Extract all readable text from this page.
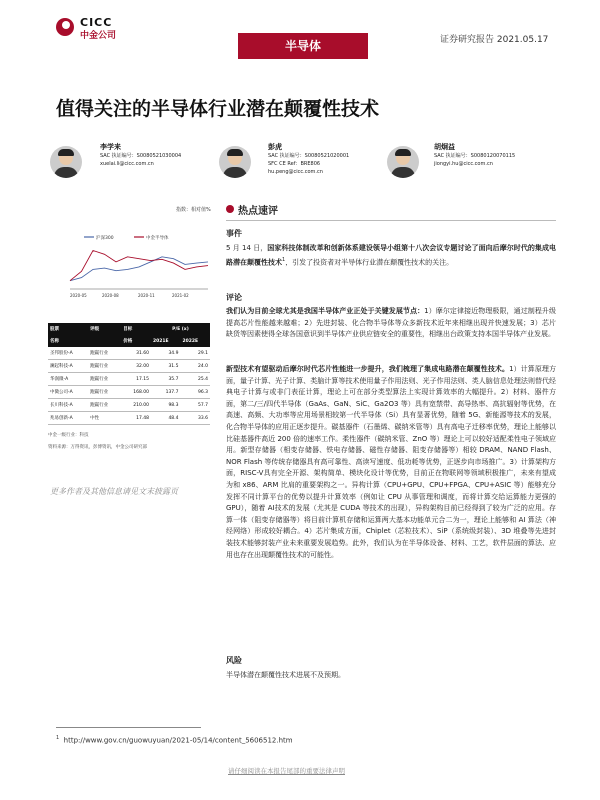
CICC
中金公司
半导体	证券研究报告 2021.05.17
值得关注的半导体行业潜在颠覆性技术
李学来
SAC 执证编号：S0080521030004
xuelai.li@cicc.com.cn
彭虎
SAC 执证编号：S0080521020001
SFC CE Ref：BRE806
hu.peng@cicc.com.cn
胡炯益
SAC 执证编号：S0080120070115
jiongyi.hu@cicc.com.cn
指数：相对值%
沪深300	中金半导体
2020-05	2020-08	2020-11	2021-02
股票	评级	目标	P/E (x)	
名称		价格	2021E	2022E
圣邦股份-A	跑赢行业	31.60	34.9	29.1
澜起科技-A	跑赢行业	32.00	31.5	24.0
华润微-A	跑赢行业	17.15	35.7	25.4
中微公司-A	跑赢行业	168.00	137.7	96.3
长川科技-A	跑赢行业	210.00	98.3	57.7
兆易创新-A	中性	17.48	48.4	33.6
中金一级行业：科技
资料来源：万得资讯，彭博资讯，中金公司研究部
更多作者及其他信息请见文末披露页
热点速评
事件
5 月 14 日，国家科技体制改革和创新体系建设领导小组第十八次会议专题讨论了面向后摩尔时代的集成电路潜在颠覆性技术$^1$，引发了投资者对半导体行业潜在颠覆性技术的关注。
评论
我们认为目前全球尤其是我国半导体产业正处于关键发展节点：1）摩尔定律接近物理极限，通过制程升级提高芯片性能越来越难；2）先进封装、化合物半导体等众多新技术近年来相继出现并快速发展；3）芯片缺货等因素使得全球各国意识到半导体产业供应链安全的重要性，相继出台政策支持本国半导体产业发展。
新型技术有望驱动后摩尔时代芯片性能进一步提升，我们梳理了集成电路潜在颠覆性技术。1）计算原理方面，量子计算、光子计算、类脑计算等技术使用量子作用法则、光子作用法则、类人脑信息处理法则替代经典电子计算与或非门表征计算，理论上可在部分类型算法上实现计算效率的大幅提升。2）材料、器件方面，第二/三/四代半导体（GaAs、GaN、SiC、Ga2O3 等）具有宽禁带、高导热率、高抗辐射等优势，在高速、高频、大功率等应用场景相较第一代半导体（Si）具有显著优势，随着 5G、新能源等技术的发展，化合物半导体的应用正逐步提升。碳基器件（石墨烯、碳纳米管等）具有高电子迁移率优势，理论上能够以比硅基器件高近 200 倍的速率工作。柔性器件（碳纳米管、ZnO 等）理论上可以较好适配柔性电子领域应用。新型存储器（相变存储器、铁电存储器、磁性存储器、阻变存储器等）相较 DRAM、NAND Flash、NOR Flash 等传统存储器具有高可靠性、高读写速度、低功耗等优势，正逐步向市场推广。3）计算架构方面，RISC-V具有完全开源、架构简单、模块化设计等优势，目前正在物联网等领域积极推广，未来有望成为和 x86、ARM 比肩的重要架构之一。异构计算（CPU+GPU、CPU+FPGA、CPU+ASIC 等）能够充分发挥不同计算平台的优势以提升计算效率（例如让 CPU 从事管理和调度，而将计算交给运算能力更强的 GPU），随着 AI技术的发展（尤其是 CUDA 等技术的出现），异构架构目前已经得到了较为广泛的应用。存算一体（阻变存储器等）将目前计算机存储和运算两大基本功能单元合二为一，理论上能够和 AI 算法（神经网络）形成较好耦合。4）芯片集成方面，Chiplet（芯粒技术）、SiP（系统级封装）、3D 堆叠等先进封装技术能够封装产业未来重要发展趋势。此外，我们认为在半导体设备、材料、工艺，软件层面的算法、应用也存在出现颠覆性技术的可能性。
风险
半导体潜在颠覆性技术进展不及预期。
$^1$ http://www.gov.cn/guowuyuan/2021-05/14/content_5606512.htm
请仔细阅读在本报告尾部的重要法律声明
